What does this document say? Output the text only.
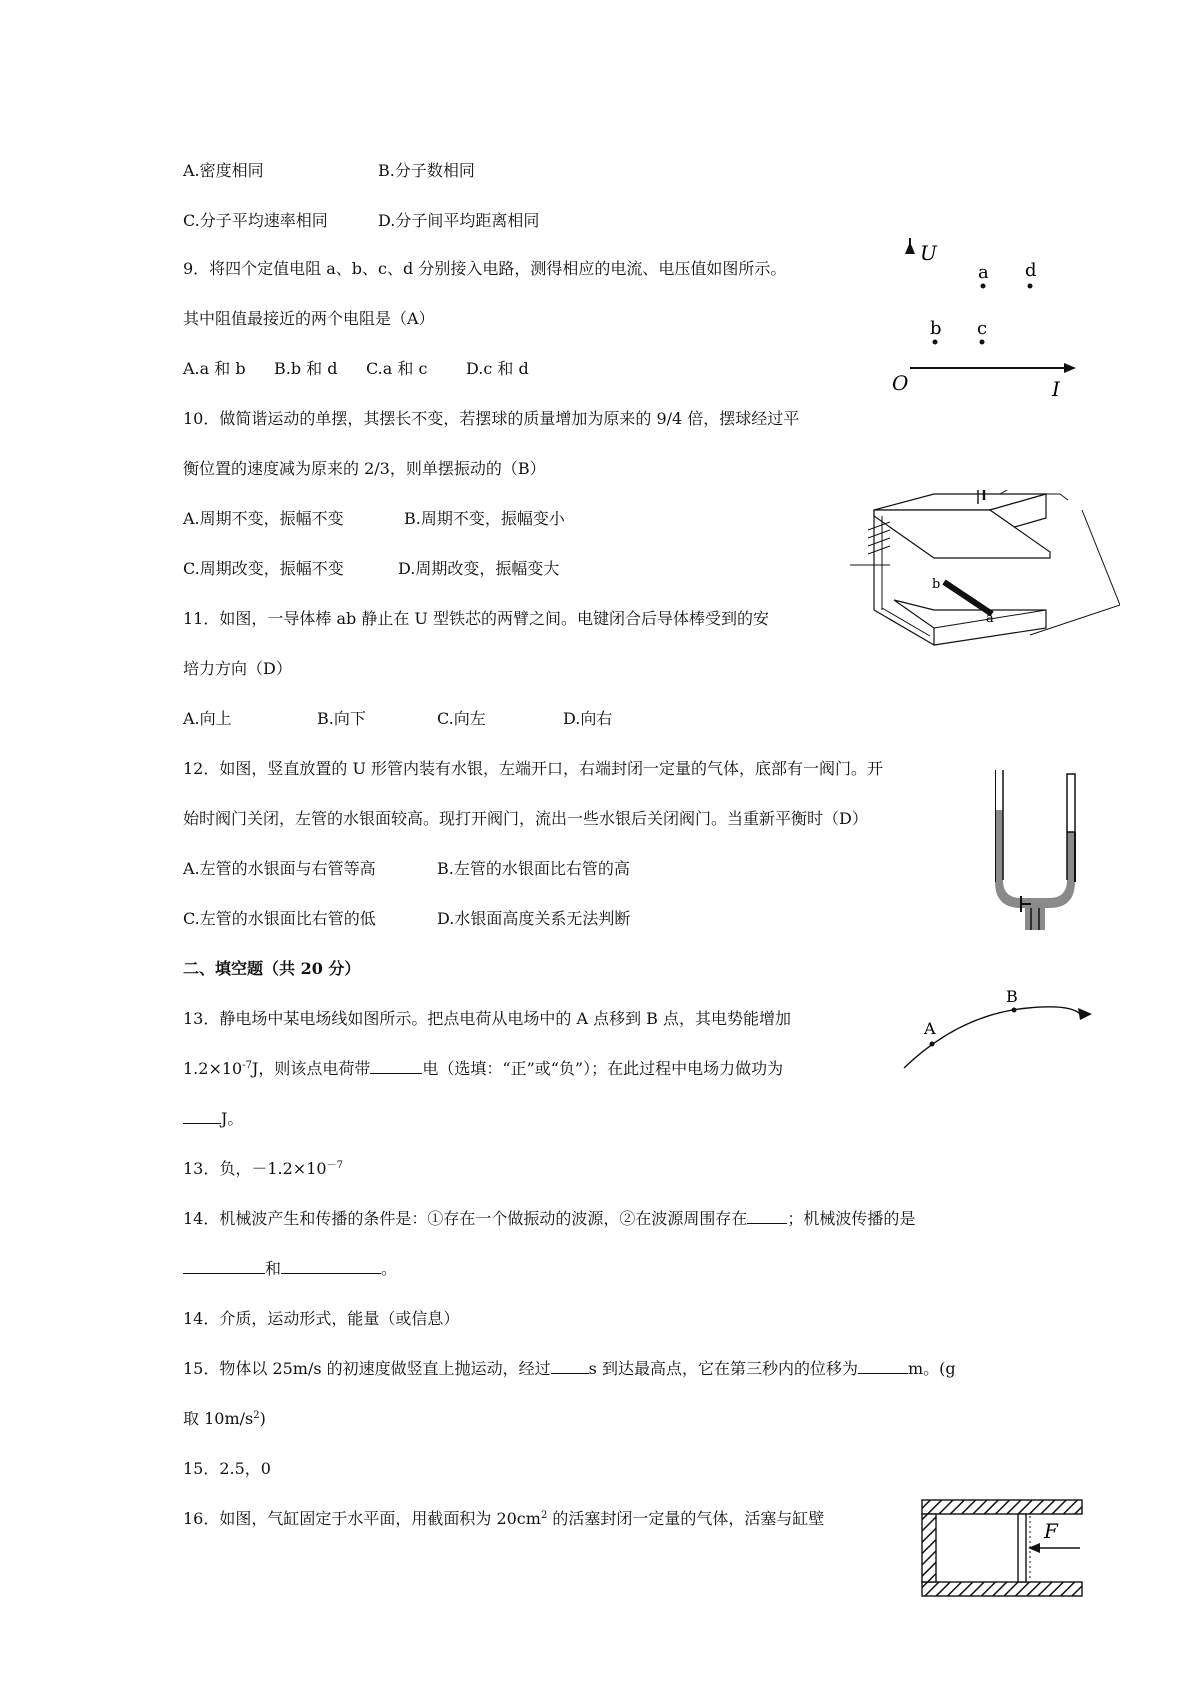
A.密度相同	B.分子数相同
C.分子平均速率相同	D.分子间平均距离相同
9．将四个定值电阻 a、b、c、d 分别接入电路，测得相应的电流、电压值如图所示。
其中阻值最接近的两个电阻是（A）
A.a 和 b B.b 和 d C.a 和 c D.c 和 d
U
I
O
a d
b c
10．做简谐运动的单摆，其摆长不变，若摆球的质量增加为原来的 9/4 倍，摆球经过平
衡位置的速度减为原来的 2/3，则单摆振动的（B）
A.周期不变，振幅不变	B.周期不变，振幅变小
C.周期改变，振幅不变	D.周期改变，振幅变大
b
a
11．如图，一导体棒 ab 静止在 U 型铁芯的两臂之间。电键闭合后导体棒受到的安
培力方向（D）
A.向上	B.向下	C.向左	D.向右
12．如图，竖直放置的 U 形管内装有水银，左端开口，右端封闭一定量的气体，底部有一阀门。开
始时阀门关闭，左管的水银面较高。现打开阀门，流出一些水银后关闭阀门。当重新平衡时（D）
A.左管的水银面与右管等高	B.左管的水银面比右管的高
C.左管的水银面比右管的低	D.水银面高度关系无法判断
二、填空题（共 20 分）
13．静电场中某电场线如图所示。把点电荷从电场中的 A 点移到 B 点，其电势能增加
$1.2\times 10^{-7}J$，则该点电荷带	电（选填：“正”或“负”）；在此过程中电场力做功为
J。
13．负，$-1.2\times 10^{-7}$
A
B
14．机械波产生和传播的条件是：①存在一个做振动的波源，②在波源周围存在	；机械波传播的是
和	。
14．介质，运动形式，能量（或信息）
15．物体以 25m/s 的初速度做竖直上抛运动，经过 s 到达最高点，它在第三秒内的位移为	m。(g
取 $10m/s^2$)
15．2.5，0
16．如图，气缸固定于水平面，用截面积为 $20cm^2$ 的活塞封闭一定量的气体，活塞与缸壁
F
